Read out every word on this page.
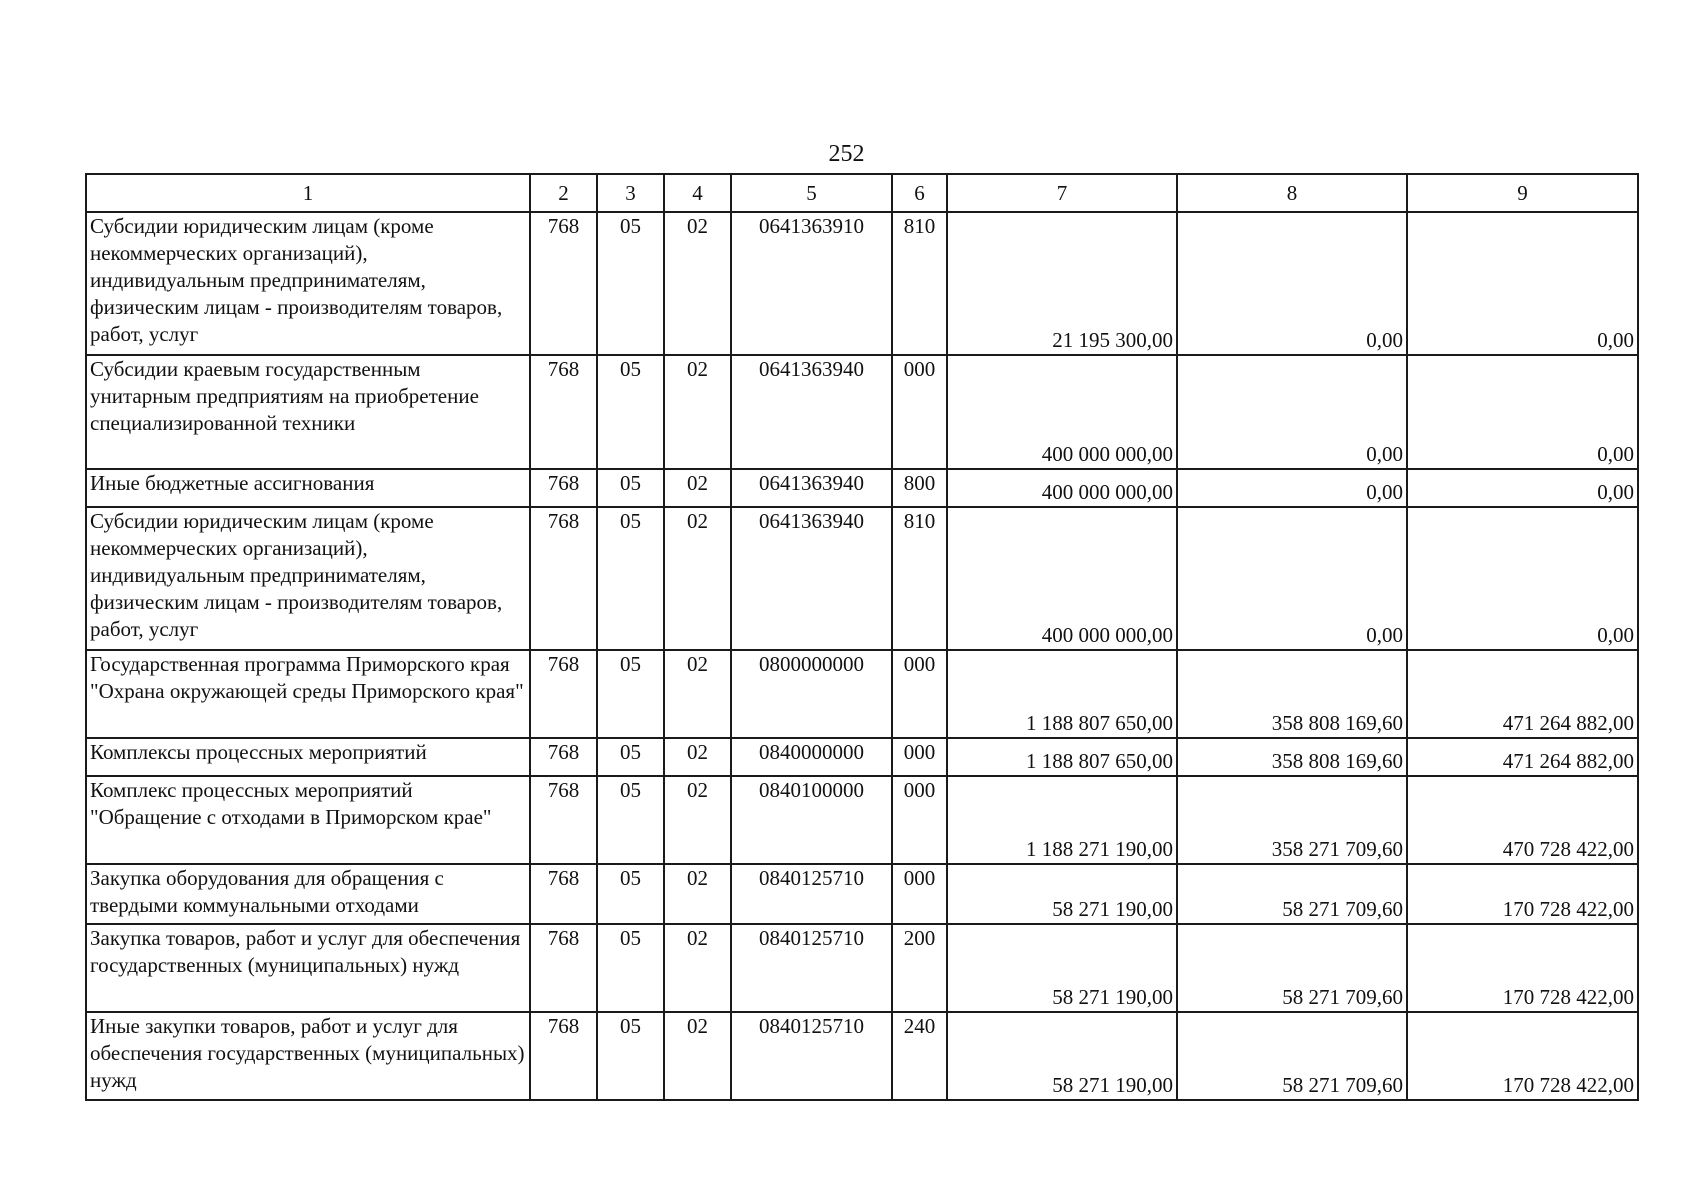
252
1	2	3	4	5	6	7	8	9
Субсидии юридическим лицам (кроме некоммерческих организаций), индивидуальным предпринимателям, физическим лицам - производителям товаров, работ, услуг	768	05	02	0641363910	810	21 195 300,00	0,00	0,00
Субсидии краевым государственным унитарным предприятиям на приобретение специализированной техники	768	05	02	0641363940	000	400 000 000,00	0,00	0,00
Иные бюджетные ассигнования	768	05	02	0641363940	800	400 000 000,00	0,00	0,00
Субсидии юридическим лицам (кроме некоммерческих организаций), индивидуальным предпринимателям, физическим лицам - производителям товаров, работ, услуг	768	05	02	0641363940	810	400 000 000,00	0,00	0,00
Государственная программа Приморского края "Охрана окружающей среды Приморского края"	768	05	02	0800000000	000	1 188 807 650,00	358 808 169,60	471 264 882,00
Комплексы процессных мероприятий	768	05	02	0840000000	000	1 188 807 650,00	358 808 169,60	471 264 882,00
Комплекс процессных мероприятий "Обращение с отходами в Приморском крае"	768	05	02	0840100000	000	1 188 271 190,00	358 271 709,60	470 728 422,00
Закупка оборудования для обращения с твердыми коммунальными отходами	768	05	02	0840125710	000	58 271 190,00	58 271 709,60	170 728 422,00
Закупка товаров, работ и услуг для обеспечения государственных (муниципальных) нужд	768	05	02	0840125710	200	58 271 190,00	58 271 709,60	170 728 422,00
Иные закупки товаров, работ и услуг для обеспечения государственных (муниципальных) нужд	768	05	02	0840125710	240	58 271 190,00	58 271 709,60	170 728 422,00
